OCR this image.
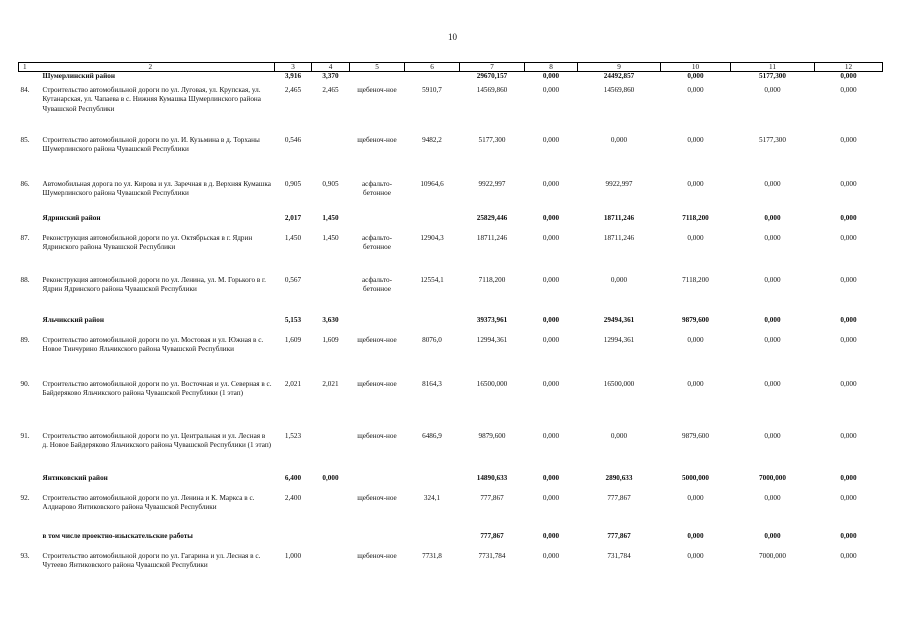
10
1 2		3	4	5	6	7	8	9	10	11	12
	Шумерлинский район	3,916	3,370			29670,157	0,000	24492,857	0,000	5177,300	0,000
84.	Строительство автомобильной дороги по ул. Луговая, ул. Крупская, ул. Кутанарская, ул. Чапаева в с. Нижняя Кумашка Шумерлинского района Чувашской Республики	2,465	2,465	щебеноч-ное	5910,7	14569,860	0,000	14569,860	0,000	0,000	0,000
85.	Строительство автомобильной дороги по ул. И. Кузьмина в д. Торханы Шумерлинского района Чувашской Республики	0,546		щебеноч-ное	9482,2	5177,300	0,000	0,000	0,000	5177,300	0,000
86.	Автомобильная дорога по ул. Кирова и ул. Заречная в д. Верхняя Кумашка Шумерлинского района Чувашской Республики	0,905	0,905	асфальто-бетонное	10964,6	9922,997	0,000	9922,997	0,000	0,000	0,000
	Ядринский район	2,017	1,450			25829,446	0,000	18711,246	7118,200	0,000	0,000
87.	Реконструкция автомобильной дороги по ул. Октябрьская в г. Ядрин Ядринского района Чувашской Республики	1,450	1,450	асфальто-бетонное	12904,3	18711,246	0,000	18711,246	0,000	0,000	0,000
88.	Реконструкция автомобильной дороги по ул. Ленина, ул. М. Горького в г. Ядрин Ядринского района Чувашской Республики	0,567		асфальто-бетонное	12554,1	7118,200	0,000	0,000	7118,200	0,000	0,000
	Яльчикский район	5,153	3,630			39373,961	0,000	29494,361	9879,600	0,000	0,000
89.	Строительство автомобильной дороги по ул. Мостовая и ул. Южная в с. Новое Тинчурино Яльчикского района Чувашской Республики	1,609	1,609	щебеноч-ное	8076,0	12994,361	0,000	12994,361	0,000	0,000	0,000
90.	Строительство автомобильной дороги по ул. Восточная и ул. Северная в с. Байдеряково Яльчикского района Чувашской Республики (1 этап)	2,021	2,021	щебеноч-ное	8164,3	16500,000	0,000	16500,000	0,000	0,000	0,000
91.	Строительство автомобильной дороги по ул. Центральная и ул. Лесная в д. Новое Байдеряково Яльчикского района Чувашской Республики (1 этап)	1,523		щебеноч-ное	6486,9	9879,600	0,000	0,000	9879,600	0,000	0,000
	Янтиковский район	6,400	0,000			14890,633	0,000	2890,633	5000,000	7000,000	0,000
92.	Строительство автомобильной дороги по ул. Ленина и К. Маркса в с. Алдиарово Янтиковского района Чувашской Республики	2,400		щебеноч-ное	324,1	777,867	0,000	777,867	0,000	0,000	0,000
	в том числе проектно-изыскательские работы					777,867	0,000	777,867	0,000	0,000	0,000
93.	Строительство автомобильной дороги по ул. Гагарина и ул. Лесная в с. Чутеево Янтиковского района Чувашской Республики	1,000		щебеноч-ное	7731,8	7731,784	0,000	731,784	0,000	7000,000	0,000
